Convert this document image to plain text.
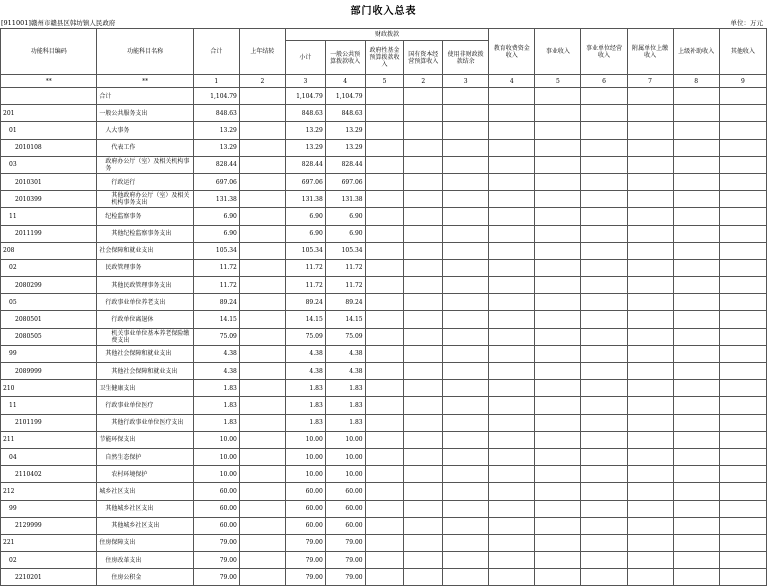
部门收入总表
[911001]赣州市赣县区韩坊镇人民政府	单位：万元
功能科目编码	功能科目名称	合计	上年结转	财政拨款					教育收费资金收入	事业收入	事业单位经营收入	附属单位上缴收入	上级补助收入	其他收入
				小计	一般公共预算拨款收入	政府性基金预算拨款收入	国有资本经营预算收入	使用非财政拨款结余						
**	**	1	2	3	4	5	2	3	4	5	6	7	8	9
	合计	1,104.79		1,104.79	1,104.79									
201	一般公共服务支出	848.63		848.63	848.63									
01	人大事务	13.29		13.29	13.29									
2010108	代表工作	13.29		13.29	13.29									
03	政府办公厅（室）及相关机构事务	828.44		828.44	828.44									
2010301	行政运行	697.06		697.06	697.06									
2010399	其他政府办公厅（室）及相关机构事务支出	131.38		131.38	131.38									
11	纪检监察事务	6.90		6.90	6.90									
2011199	其他纪检监察事务支出	6.90		6.90	6.90									
208	社会保障和就业支出	105.34		105.34	105.34									
02	民政管理事务	11.72		11.72	11.72									
2080299	其他民政管理事务支出	11.72		11.72	11.72									
05	行政事业单位养老支出	89.24		89.24	89.24									
2080501	行政单位离退休	14.15		14.15	14.15									
2080505	机关事业单位基本养老保险缴费支出	75.09		75.09	75.09									
99	其他社会保障和就业支出	4.38		4.38	4.38									
2089999	其他社会保障和就业支出	4.38		4.38	4.38									
210	卫生健康支出	1.83		1.83	1.83									
11	行政事业单位医疗	1.83		1.83	1.83									
2101199	其他行政事业单位医疗支出	1.83		1.83	1.83									
211	节能环保支出	10.00		10.00	10.00									
04	自然生态保护	10.00		10.00	10.00									
2110402	农村环境保护	10.00		10.00	10.00									
212	城乡社区支出	60.00		60.00	60.00									
99	其他城乡社区支出	60.00		60.00	60.00									
2129999	其他城乡社区支出	60.00		60.00	60.00									
221	住房保障支出	79.00		79.00	79.00									
02	住房改革支出	79.00		79.00	79.00									
2210201	住房公积金	79.00		79.00	79.00									
